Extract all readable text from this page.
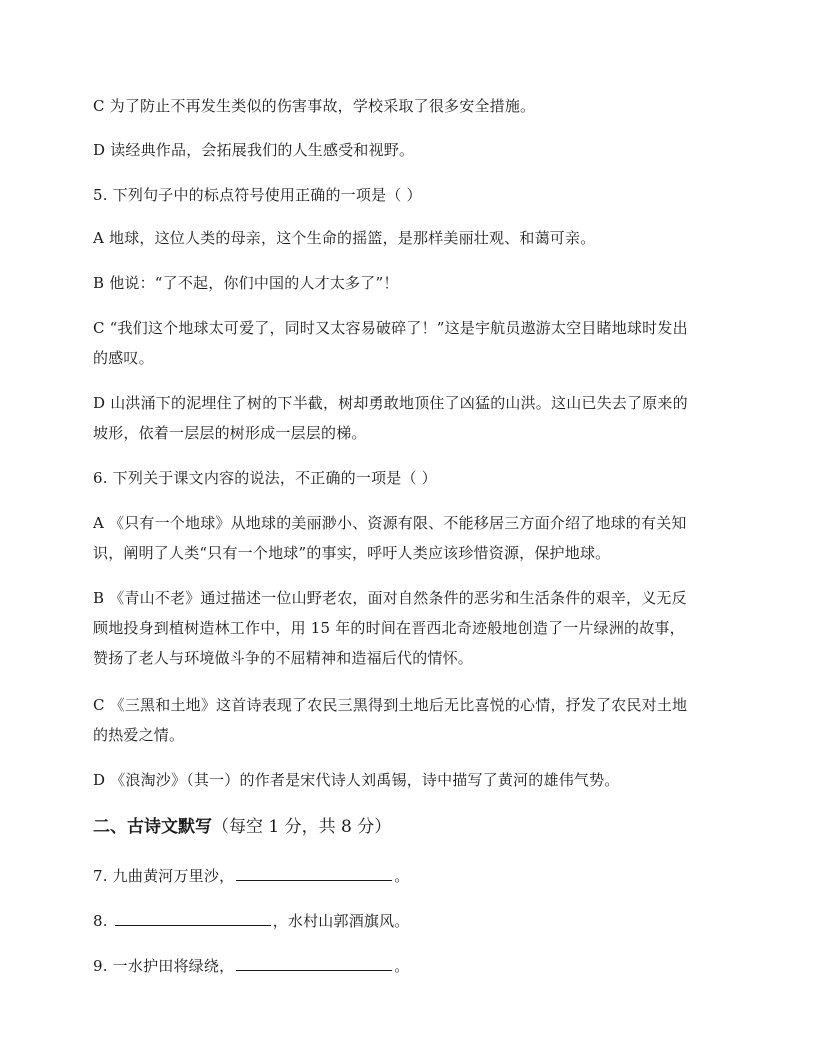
C 为了防止不再发生类似的伤害事故，学校采取了很多安全措施。
D 读经典作品，会拓展我们的人生感受和视野。
5. 下列句子中的标点符号使用正确的一项是（ ）
A 地球，这位人类的母亲，这个生命的摇篮，是那样美丽壮观、和蔼可亲。
B 他说：“了不起，你们中国的人才太多了”！
C “我们这个地球太可爱了，同时又太容易破碎了！”这是宇航员遨游太空目睹地球时发出
的感叹。
D 山洪涌下的泥埋住了树的下半截，树却勇敢地顶住了凶猛的山洪。这山已失去了原来的
坡形，依着一层层的树形成一层层的梯。
6. 下列关于课文内容的说法，不正确的一项是（ ）
A 《只有一个地球》从地球的美丽渺小、资源有限、不能移居三方面介绍了地球的有关知
识，阐明了人类“只有一个地球”的事实，呼吁人类应该珍惜资源，保护地球。
B 《青山不老》通过描述一位山野老农，面对自然条件的恶劣和生活条件的艰辛，义无反
顾地投身到植树造林工作中，用 15 年的时间在晋西北奇迹般地创造了一片绿洲的故事，
赞扬了老人与环境做斗争的不屈精神和造福后代的情怀。
C 《三黑和土地》这首诗表现了农民三黑得到土地后无比喜悦的心情，抒发了农民对土地
的热爱之情。
D 《浪淘沙》（其一）的作者是宋代诗人刘禹锡，诗中描写了黄河的雄伟气势。
二、古诗文默写（每空 1 分，共 8 分）
7. 九曲黄河万里沙，	。
8.	，水村山郭酒旗风。
9. 一水护田将绿绕，	。
